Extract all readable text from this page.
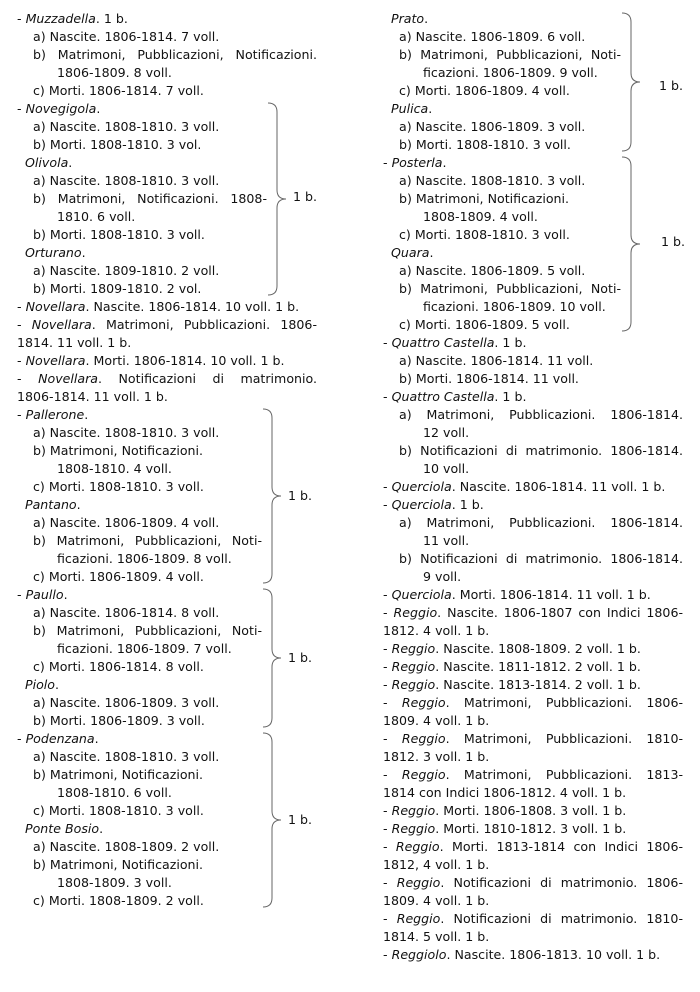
- Muzzadella. 1 b.
a) Nascite. 1806-1814. 7 voll.
b) Matrimoni, Pubblicazioni, Notificazioni.
1806-1809. 8 voll.
c) Morti. 1806-1814. 7 voll.
- Novegigola.
a) Nascite. 1808-1810. 3 voll.
b) Morti. 1808-1810. 3 vol.
Olivola.
a) Nascite. 1808-1810. 3 voll.
b) Matrimoni, Notificazioni. 1808-
1810. 6 voll.
b) Morti. 1808-1810. 3 voll.
Orturano.
a) Nascite. 1809-1810. 2 voll.
b) Morti. 1809-1810. 2 vol.
1 b.
- Novellara. Nascite. 1806-1814. 10 voll. 1 b.
- Novellara. Matrimoni, Pubblicazioni. 1806-
1814. 11 voll. 1 b.
- Novellara. Morti. 1806-1814. 10 voll. 1 b.
- Novellara. Notificazioni di matrimonio.
1806-1814. 11 voll. 1 b.
- Pallerone.
a) Nascite. 1808-1810. 3 voll.
b) Matrimoni, Notificazioni.
1808-1810. 4 voll.
c) Morti. 1808-1810. 3 voll.
Pantano.
a) Nascite. 1806-1809. 4 voll.
b) Matrimoni, Pubblicazioni, Noti-
ficazioni. 1806-1809. 8 voll.
c) Morti. 1806-1809. 4 voll.
1 b.
- Paullo.
a) Nascite. 1806-1814. 8 voll.
b) Matrimoni, Pubblicazioni, Noti-
ficazioni. 1806-1809. 7 voll.
c) Morti. 1806-1814. 8 voll.
Piolo.
a) Nascite. 1806-1809. 3 voll.
b) Morti. 1806-1809. 3 voll.
1 b.
- Podenzana.
a) Nascite. 1808-1810. 3 voll.
b) Matrimoni, Notificazioni.
1808-1810. 6 voll.
c) Morti. 1808-1810. 3 voll.
Ponte Bosio.
a) Nascite. 1808-1809. 2 voll.
b) Matrimoni, Notificazioni.
1808-1809. 3 voll.
c) Morti. 1808-1809. 2 voll.
1 b.
Prato.
a) Nascite. 1806-1809. 6 voll.
b) Matrimoni, Pubblicazioni, Noti-
ficazioni. 1806-1809. 9 voll.
c) Morti. 1806-1809. 4 voll.
Pulica.
a) Nascite. 1806-1809. 3 voll.
b) Morti. 1808-1810. 3 voll.
1 b.
- Posterla.
a) Nascite. 1808-1810. 3 voll.
b) Matrimoni, Notificazioni.
1808-1809. 4 voll.
c) Morti. 1808-1810. 3 voll.
Quara.
a) Nascite. 1806-1809. 5 voll.
b) Matrimoni, Pubblicazioni, Noti-
ficazioni. 1806-1809. 10 voll.
c) Morti. 1806-1809. 5 voll.
1 b.
- Quattro Castella. 1 b.
a) Nascite. 1806-1814. 11 voll.
b) Morti. 1806-1814. 11 voll.
- Quattro Castella. 1 b.
a) Matrimoni, Pubblicazioni. 1806-1814.
12 voll.
b) Notificazioni di matrimonio. 1806-1814.
10 voll.
- Querciola. Nascite. 1806-1814. 11 voll. 1 b.
- Querciola. 1 b.
a) Matrimoni, Pubblicazioni. 1806-1814.
11 voll.
b) Notificazioni di matrimonio. 1806-1814.
9 voll.
- Querciola. Morti. 1806-1814. 11 voll. 1 b.
- Reggio. Nascite. 1806-1807 con Indici 1806-
1812. 4 voll. 1 b.
- Reggio. Nascite. 1808-1809. 2 voll. 1 b.
- Reggio. Nascite. 1811-1812. 2 voll. 1 b.
- Reggio. Nascite. 1813-1814. 2 voll. 1 b.
- Reggio. Matrimoni, Pubblicazioni. 1806-
1809. 4 voll. 1 b.
- Reggio. Matrimoni, Pubblicazioni. 1810-
1812. 3 voll. 1 b.
- Reggio. Matrimoni, Pubblicazioni. 1813-
1814 con Indici 1806-1812. 4 voll. 1 b.
- Reggio. Morti. 1806-1808. 3 voll. 1 b.
- Reggio. Morti. 1810-1812. 3 voll. 1 b.
- Reggio. Morti. 1813-1814 con Indici 1806-
1812, 4 voll. 1 b.
- Reggio. Notificazioni di matrimonio. 1806-
1809. 4 voll. 1 b.
- Reggio. Notificazioni di matrimonio. 1810-
1814. 5 voll. 1 b.
- Reggiolo. Nascite. 1806-1813. 10 voll. 1 b.
